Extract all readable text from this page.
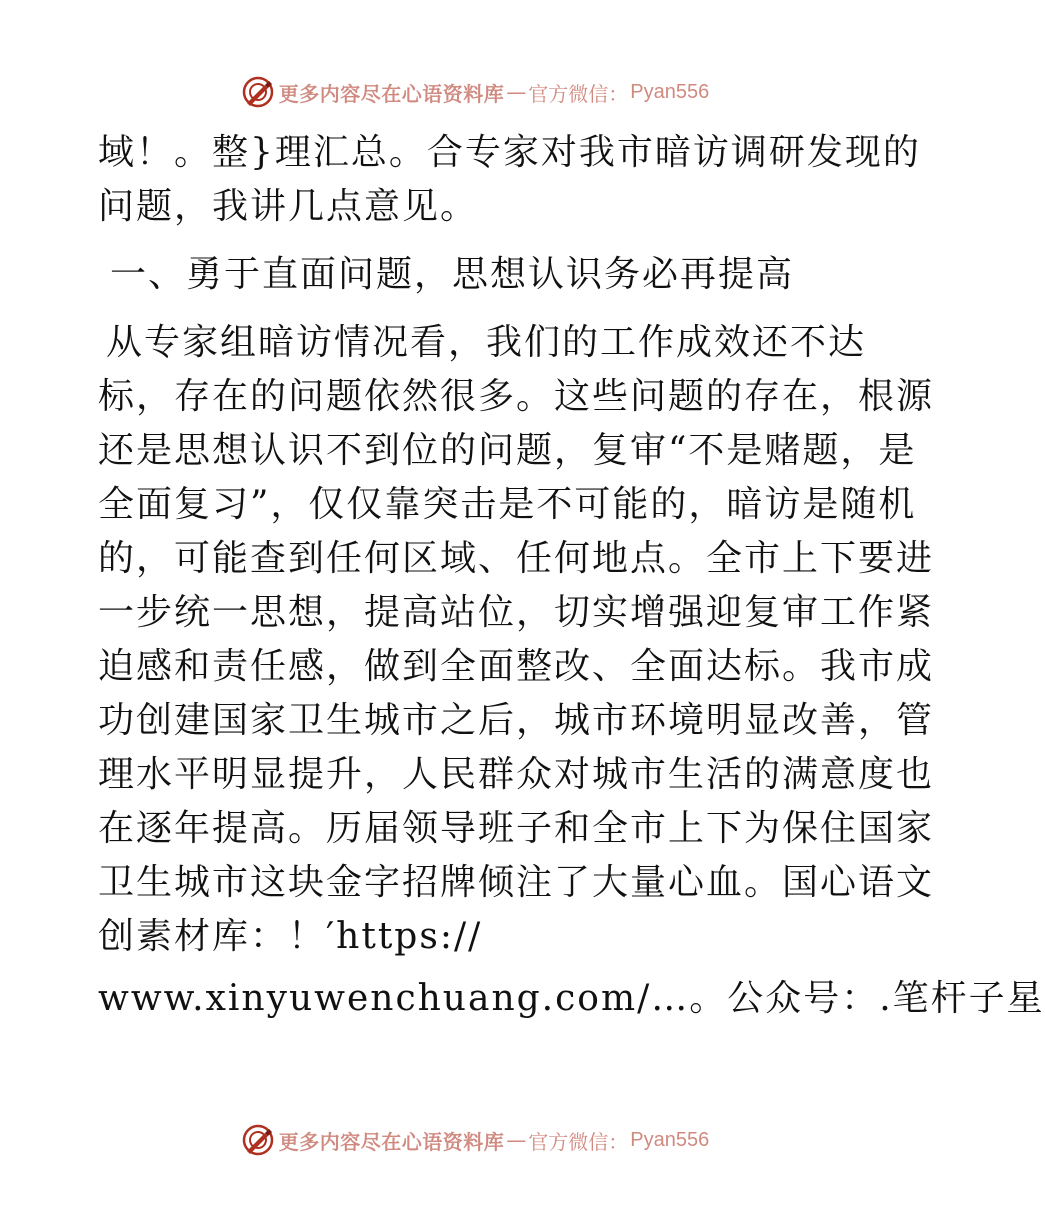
更多内容尽在心语资料库 — 官方微信： Pyan556
域！。整}理汇总。合专家对我市暗访调研发现的
问题，我讲几点意见。
一、勇于直面问题，思想认识务必再提高
从专家组暗访情况看，我们的工作成效还不达
标，存在的问题依然很多。这些问题的存在，根源
还是思想认识不到位的问题，复审“不是赌题，是
全面复习”，仅仅靠突击是不可能的，暗访是随机
的，可能查到任何区域、任何地点。全市上下要进
一步统一思想，提高站位，切实增强迎复审工作紧
迫感和责任感，做到全面整改、全面达标。我市成
功创建国家卫生城市之后，城市环境明显改善，管
理水平明显提升，人民群众对城市生活的满意度也
在逐年提高。历届领导班子和全市上下为保住国家
卫生城市这块金字招牌倾注了大量心血。国心语文
创素材库：！′https://
www.xinyuwenchuang.com/…。公众号：.笔杆子星
更多内容尽在心语资料库 — 官方微信： Pyan556
